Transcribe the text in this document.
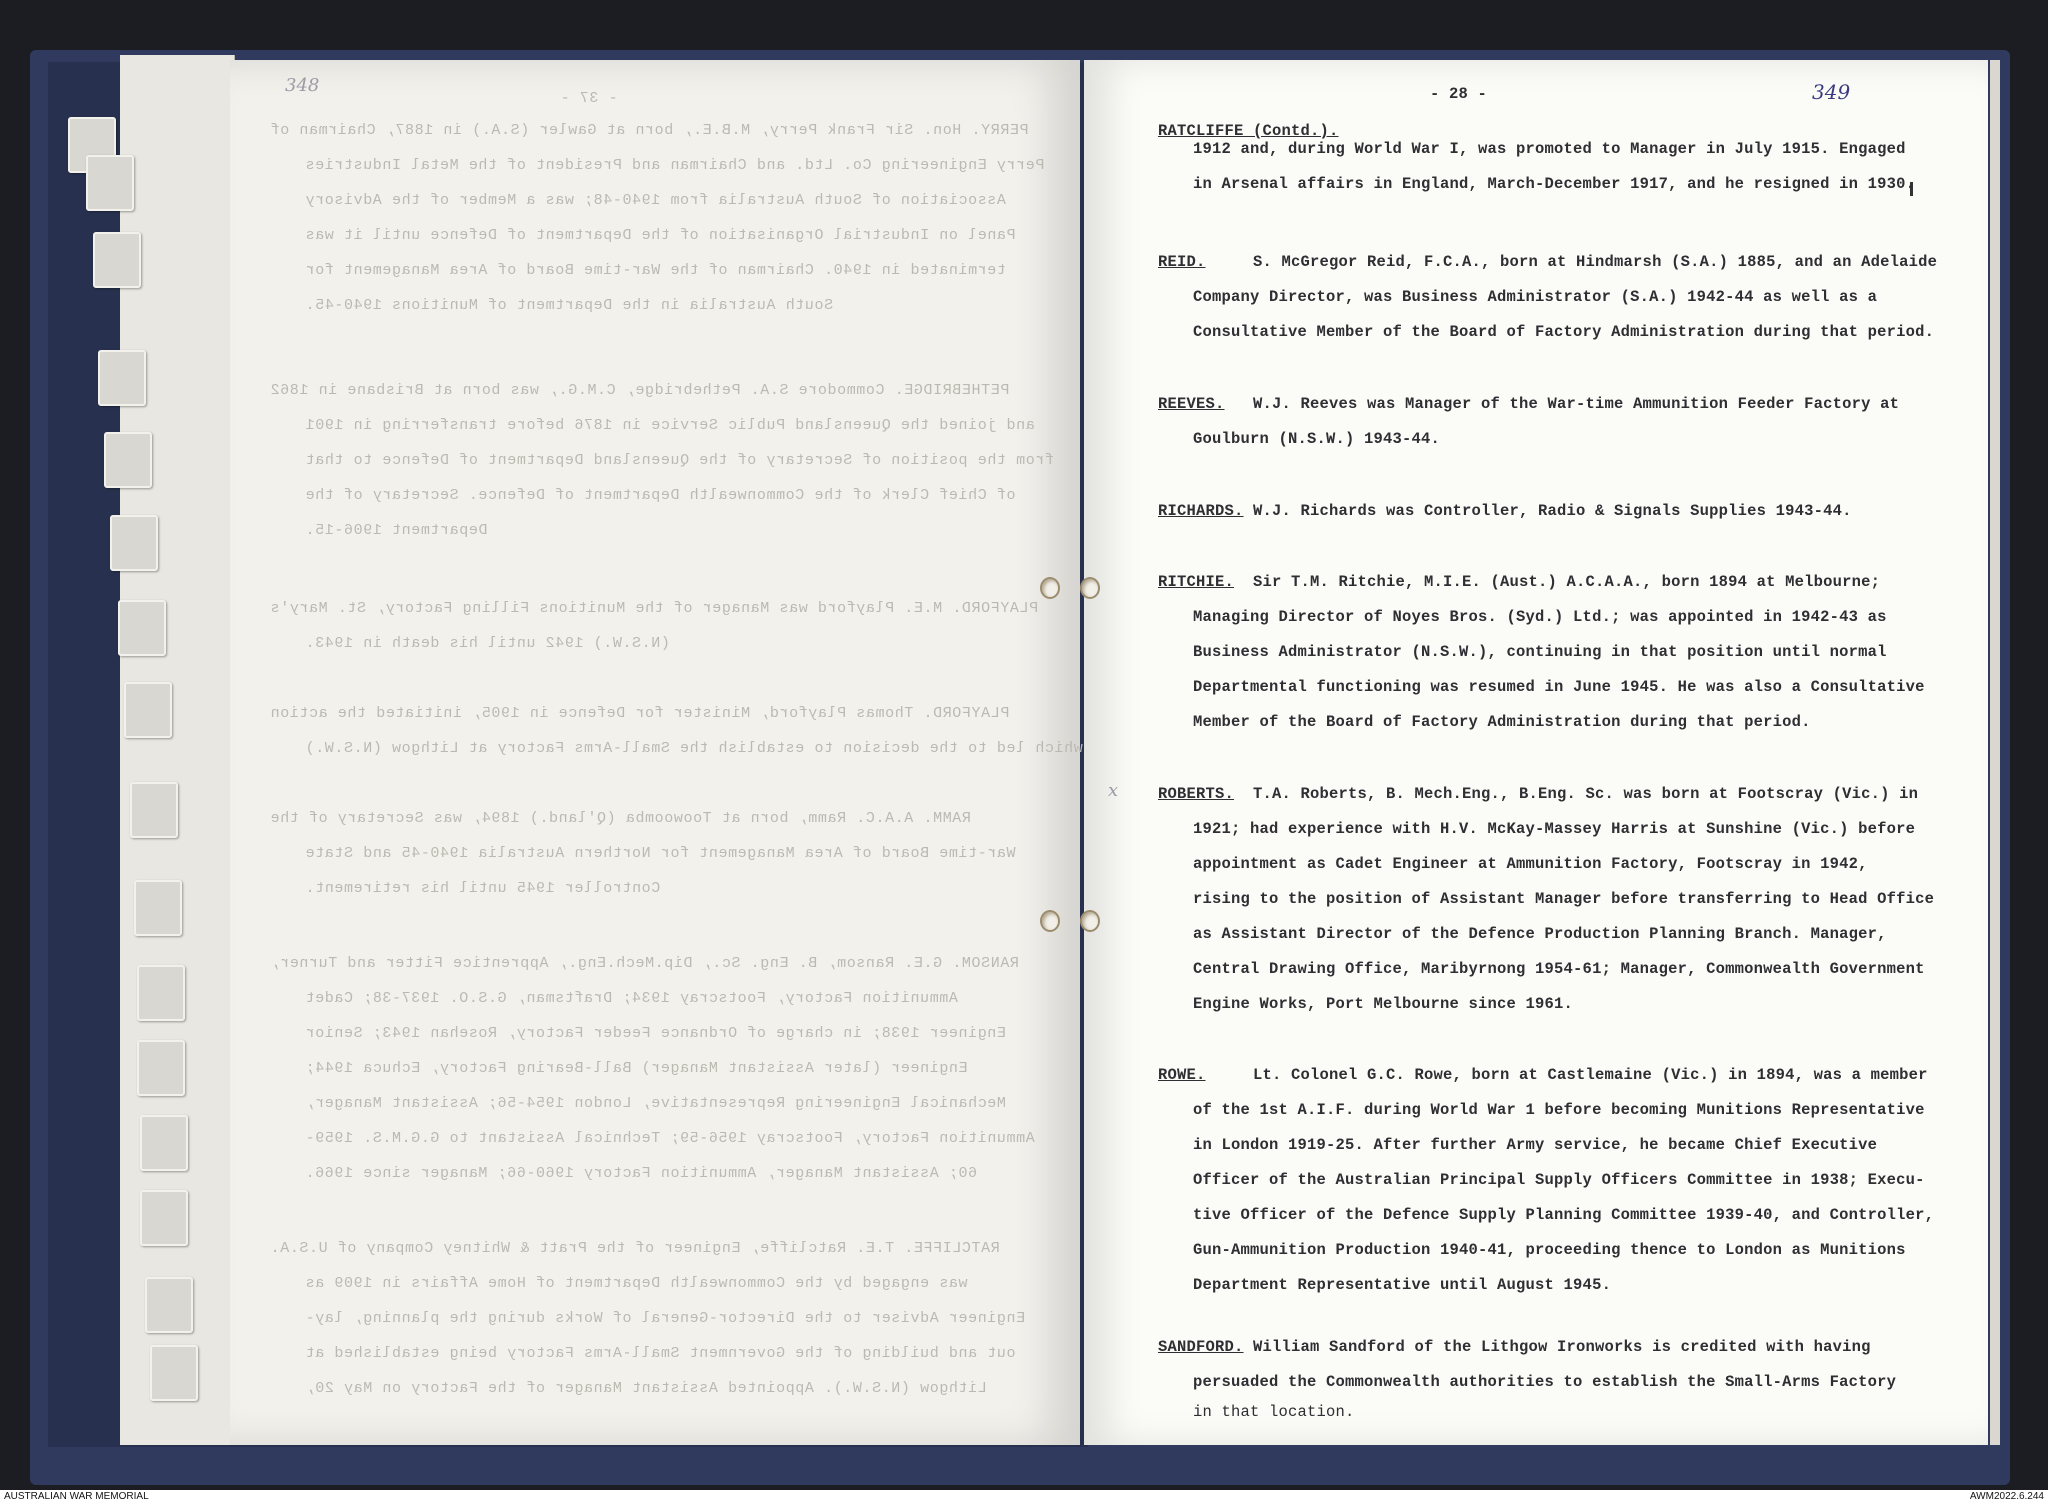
- 37 -
PERRY. Hon. Sir Frank Perry, M.B.E., born at Gawler (S.A.) in 1887, Chairman of
Perry Engineering Co. Ltd. and Chairman and President of the Metal Industries
Association of South Australia from 1940-48; was a Member of the Advisory
Panel on Industrial Organisation of the Department of Defence until it was
terminated in 1940. Chairman of the War-time Board of Area Management for
South Australia in the Department of Munitions 1940-45.
PETHEBRIDGE. Commodore S.A. Pethebridge, C.M.G., was born at Brisbane in 1862
and joined the Queensland Public Service in 1876 before transferring in 1901
from the position of Secretary of the Queensland Department of Defence to that
of Chief Clerk of the Commonwealth Department of Defence. Secretary of the
Department 1906-15.
PLAYFORD. M.E. Playford was Manager of the Munitions Filling Factory, St. Mary's
(N.S.W.) 1942 until his death in 1943.
PLAYFORD. Thomas Playford, Minister for Defence in 1905, initiated the action
which led to the decision to establish the Small-Arms Factory at Lithgow (N.S.W.)
RAMM. A.A.C. Ramm, born at Toowoomba (Q'land.) 1894, was Secretary of the
War-time Board of Area Management for Northern Australia 1940-45 and State
Controller 1945 until his retirement.
RANSOM. G.E. Ransom, B. Eng. Sc., Dip.Mech.Eng., Apprentice Fitter and Turner,
Ammunition Factory, Footscray 1934; Draftsman, G.S.O. 1937-38; Cadet
Engineer 1938; in charge of Ordnance Feeder Factory, Rosehan 1943; Senior
Engineer (later Assistant Manager) Ball-Bearing Factory, Echuca 1944;
Mechanical Engineering Representative, London 1954-56; Assistant Manager,
Ammunition Factory, Footscray 1956-59; Technical Assistant to G.G.M.S. 1959-
60; Assistant Manager, Ammunition Factory 1960-66; Manager since 1966.
RATCLIFFE. T.E. Ratcliffe, Engineer of the Pratt & Whitney Company of U.S.A.
was engaged by the Commonwealth Department of Home Affairs in 1909 as
Engineer Adviser to the Director-General of Works during the planning, lay-
out and building of the Government Small-Arms Factory being established at
Lithgow (N.S.W.). Appointed Assistant Manager of the Factory on May 20,
348	- 28 -	349
x
RATCLIFFE (Contd.).
1912 and, during World War I, was promoted to Manager in July 1915. Engaged
in Arsenal affairs in England, March-December 1917, and he resigned in 1930.
REID.	S. McGregor Reid, F.C.A., born at Hindmarsh (S.A.) 1885, and an Adelaide
Company Director, was Business Administrator (S.A.) 1942-44 as well as a
Consultative Member of the Board of Factory Administration during that period.
REEVES. W.J. Reeves was Manager of the War-time Ammunition Feeder Factory at
Goulburn (N.S.W.) 1943-44.
RICHARDS. W.J. Richards was Controller, Radio & Signals Supplies 1943-44.
RITCHIE. Sir T.M. Ritchie, M.I.E. (Aust.) A.C.A.A., born 1894 at Melbourne;
Managing Director of Noyes Bros. (Syd.) Ltd.; was appointed in 1942-43 as
Business Administrator (N.S.W.), continuing in that position until normal
Departmental functioning was resumed in June 1945. He was also a Consultative
Member of the Board of Factory Administration during that period.
ROBERTS. T.A. Roberts, B. Mech.Eng., B.Eng. Sc. was born at Footscray (Vic.) in
1921; had experience with H.V. McKay-Massey Harris at Sunshine (Vic.) before
appointment as Cadet Engineer at Ammunition Factory, Footscray in 1942,
rising to the position of Assistant Manager before transferring to Head Office
as Assistant Director of the Defence Production Planning Branch. Manager,
Central Drawing Office, Maribyrnong 1954-61; Manager, Commonwealth Government
Engine Works, Port Melbourne since 1961.
ROWE.	Lt. Colonel G.C. Rowe, born at Castlemaine (Vic.) in 1894, was a member
of the 1st A.I.F. during World War 1 before becoming Munitions Representative
in London 1919-25. After further Army service, he became Chief Executive
Officer of the Australian Principal Supply Officers Committee in 1938; Execu-
tive Officer of the Defence Supply Planning Committee 1939-40, and Controller,
Gun-Ammunition Production 1940-41, proceeding thence to London as Munitions
Department Representative until August 1945.
SANDFORD. William Sandford of the Lithgow Ironworks is credited with having
persuaded the Commonwealth authorities to establish the Small-Arms Factory
in that location.
AUSTRALIAN WAR MEMORIAL	AWM2022.6.244
